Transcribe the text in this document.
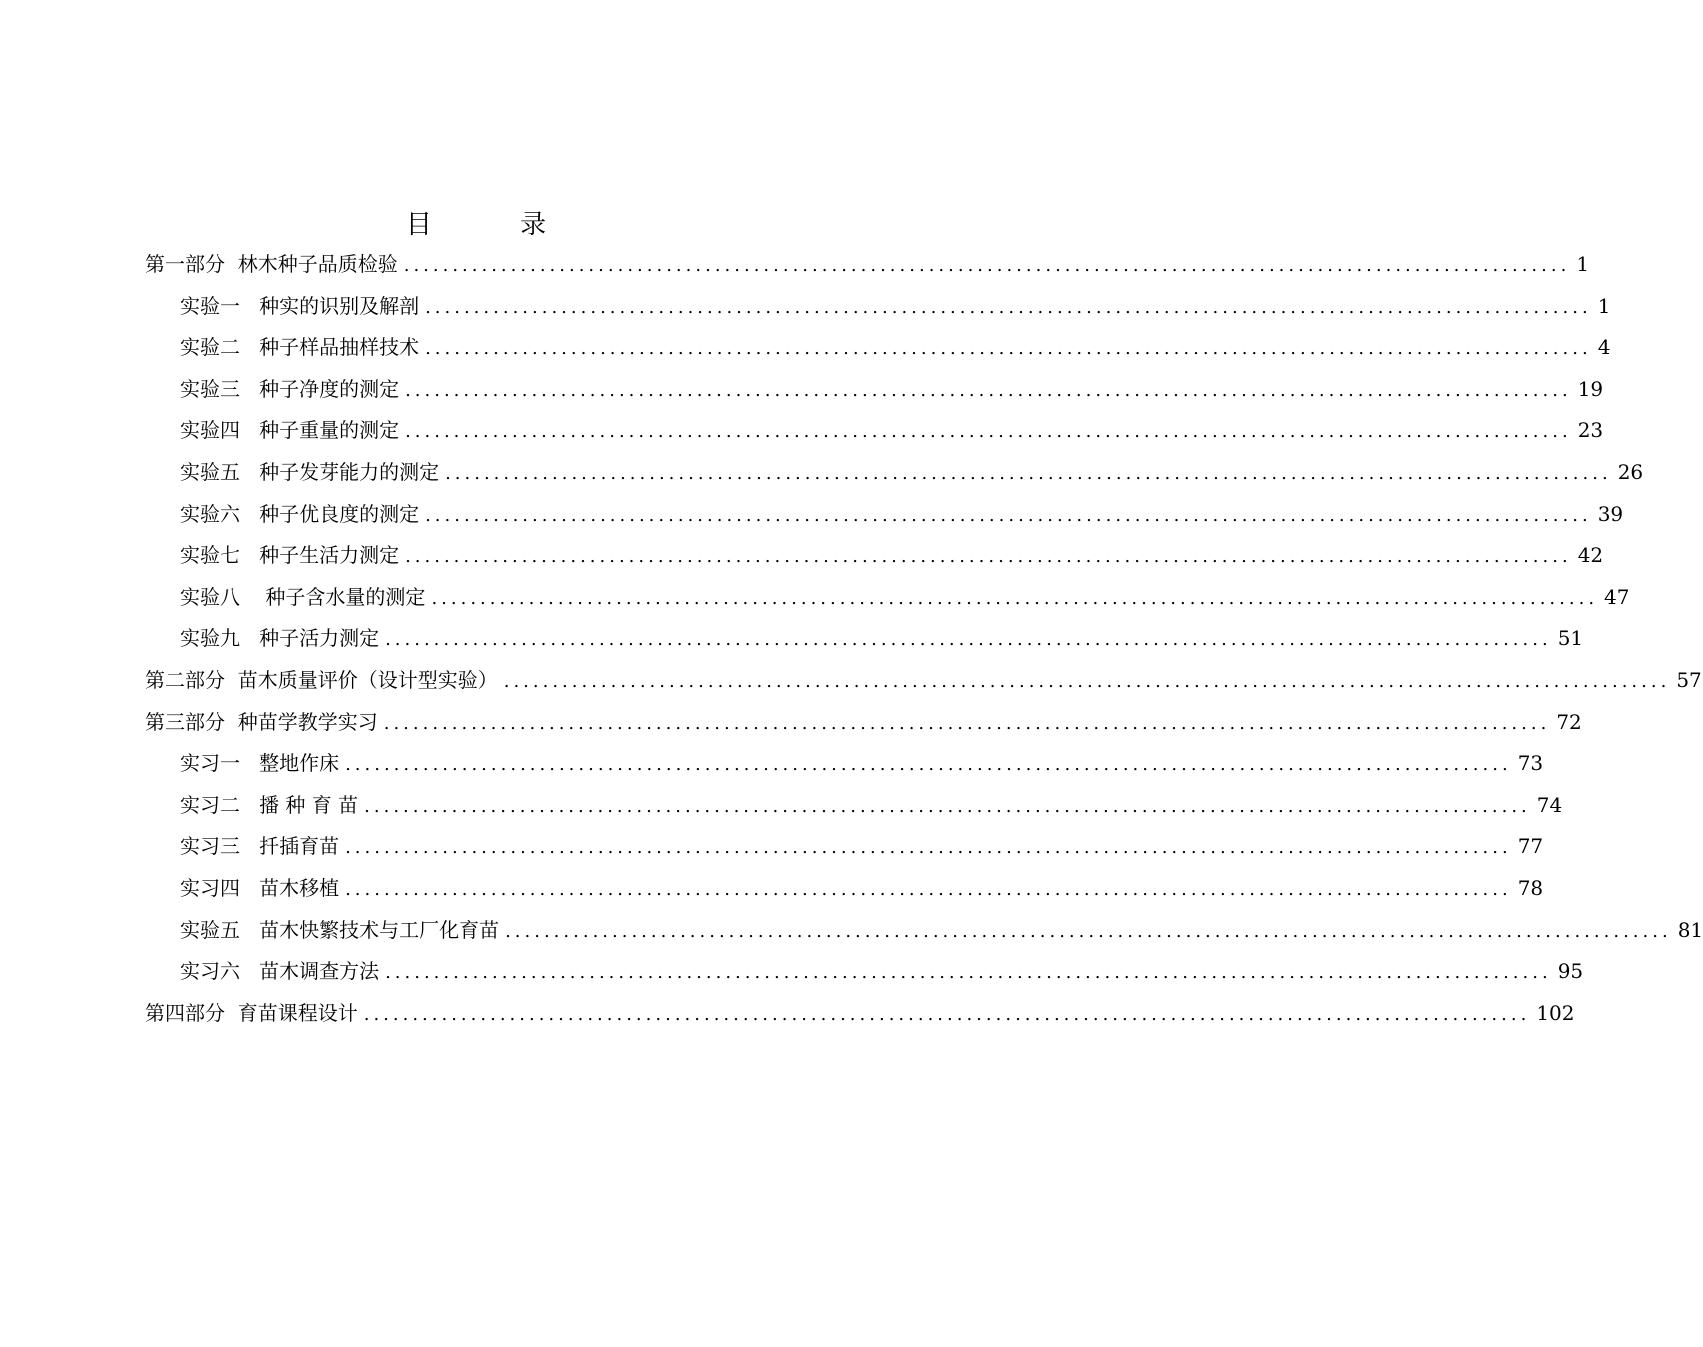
目 录
第一部分  林木种子品质检验 ........................................................................................................................ 1
实验一   种实的识别及解剖 ........................................................................................................................ 1
实验二   种子样品抽样技术 ........................................................................................................................ 4
实验三   种子净度的测定 ........................................................................................................................ 19
实验四   种子重量的测定 ........................................................................................................................ 23
实验五   种子发芽能力的测定 ........................................................................................................................ 26
实验六   种子优良度的测定 ........................................................................................................................ 39
实验七   种子生活力测定 ........................................................................................................................ 42
实验八    种子含水量的测定 ........................................................................................................................ 47
实验九   种子活力测定 ........................................................................................................................ 51
第二部分  苗木质量评价（设计型实验） ........................................................................................................................ 57
第三部分  种苗学教学实习 ........................................................................................................................ 72
实习一   整地作床 ........................................................................................................................ 73
实习二   播 种 育 苗 ........................................................................................................................ 74
实习三   扦插育苗 ........................................................................................................................ 77
实习四   苗木移植 ........................................................................................................................ 78
实验五   苗木快繁技术与工厂化育苗 ........................................................................................................................ 81
实习六   苗木调查方法 ........................................................................................................................ 95
第四部分  育苗课程设计 ........................................................................................................................ 102
